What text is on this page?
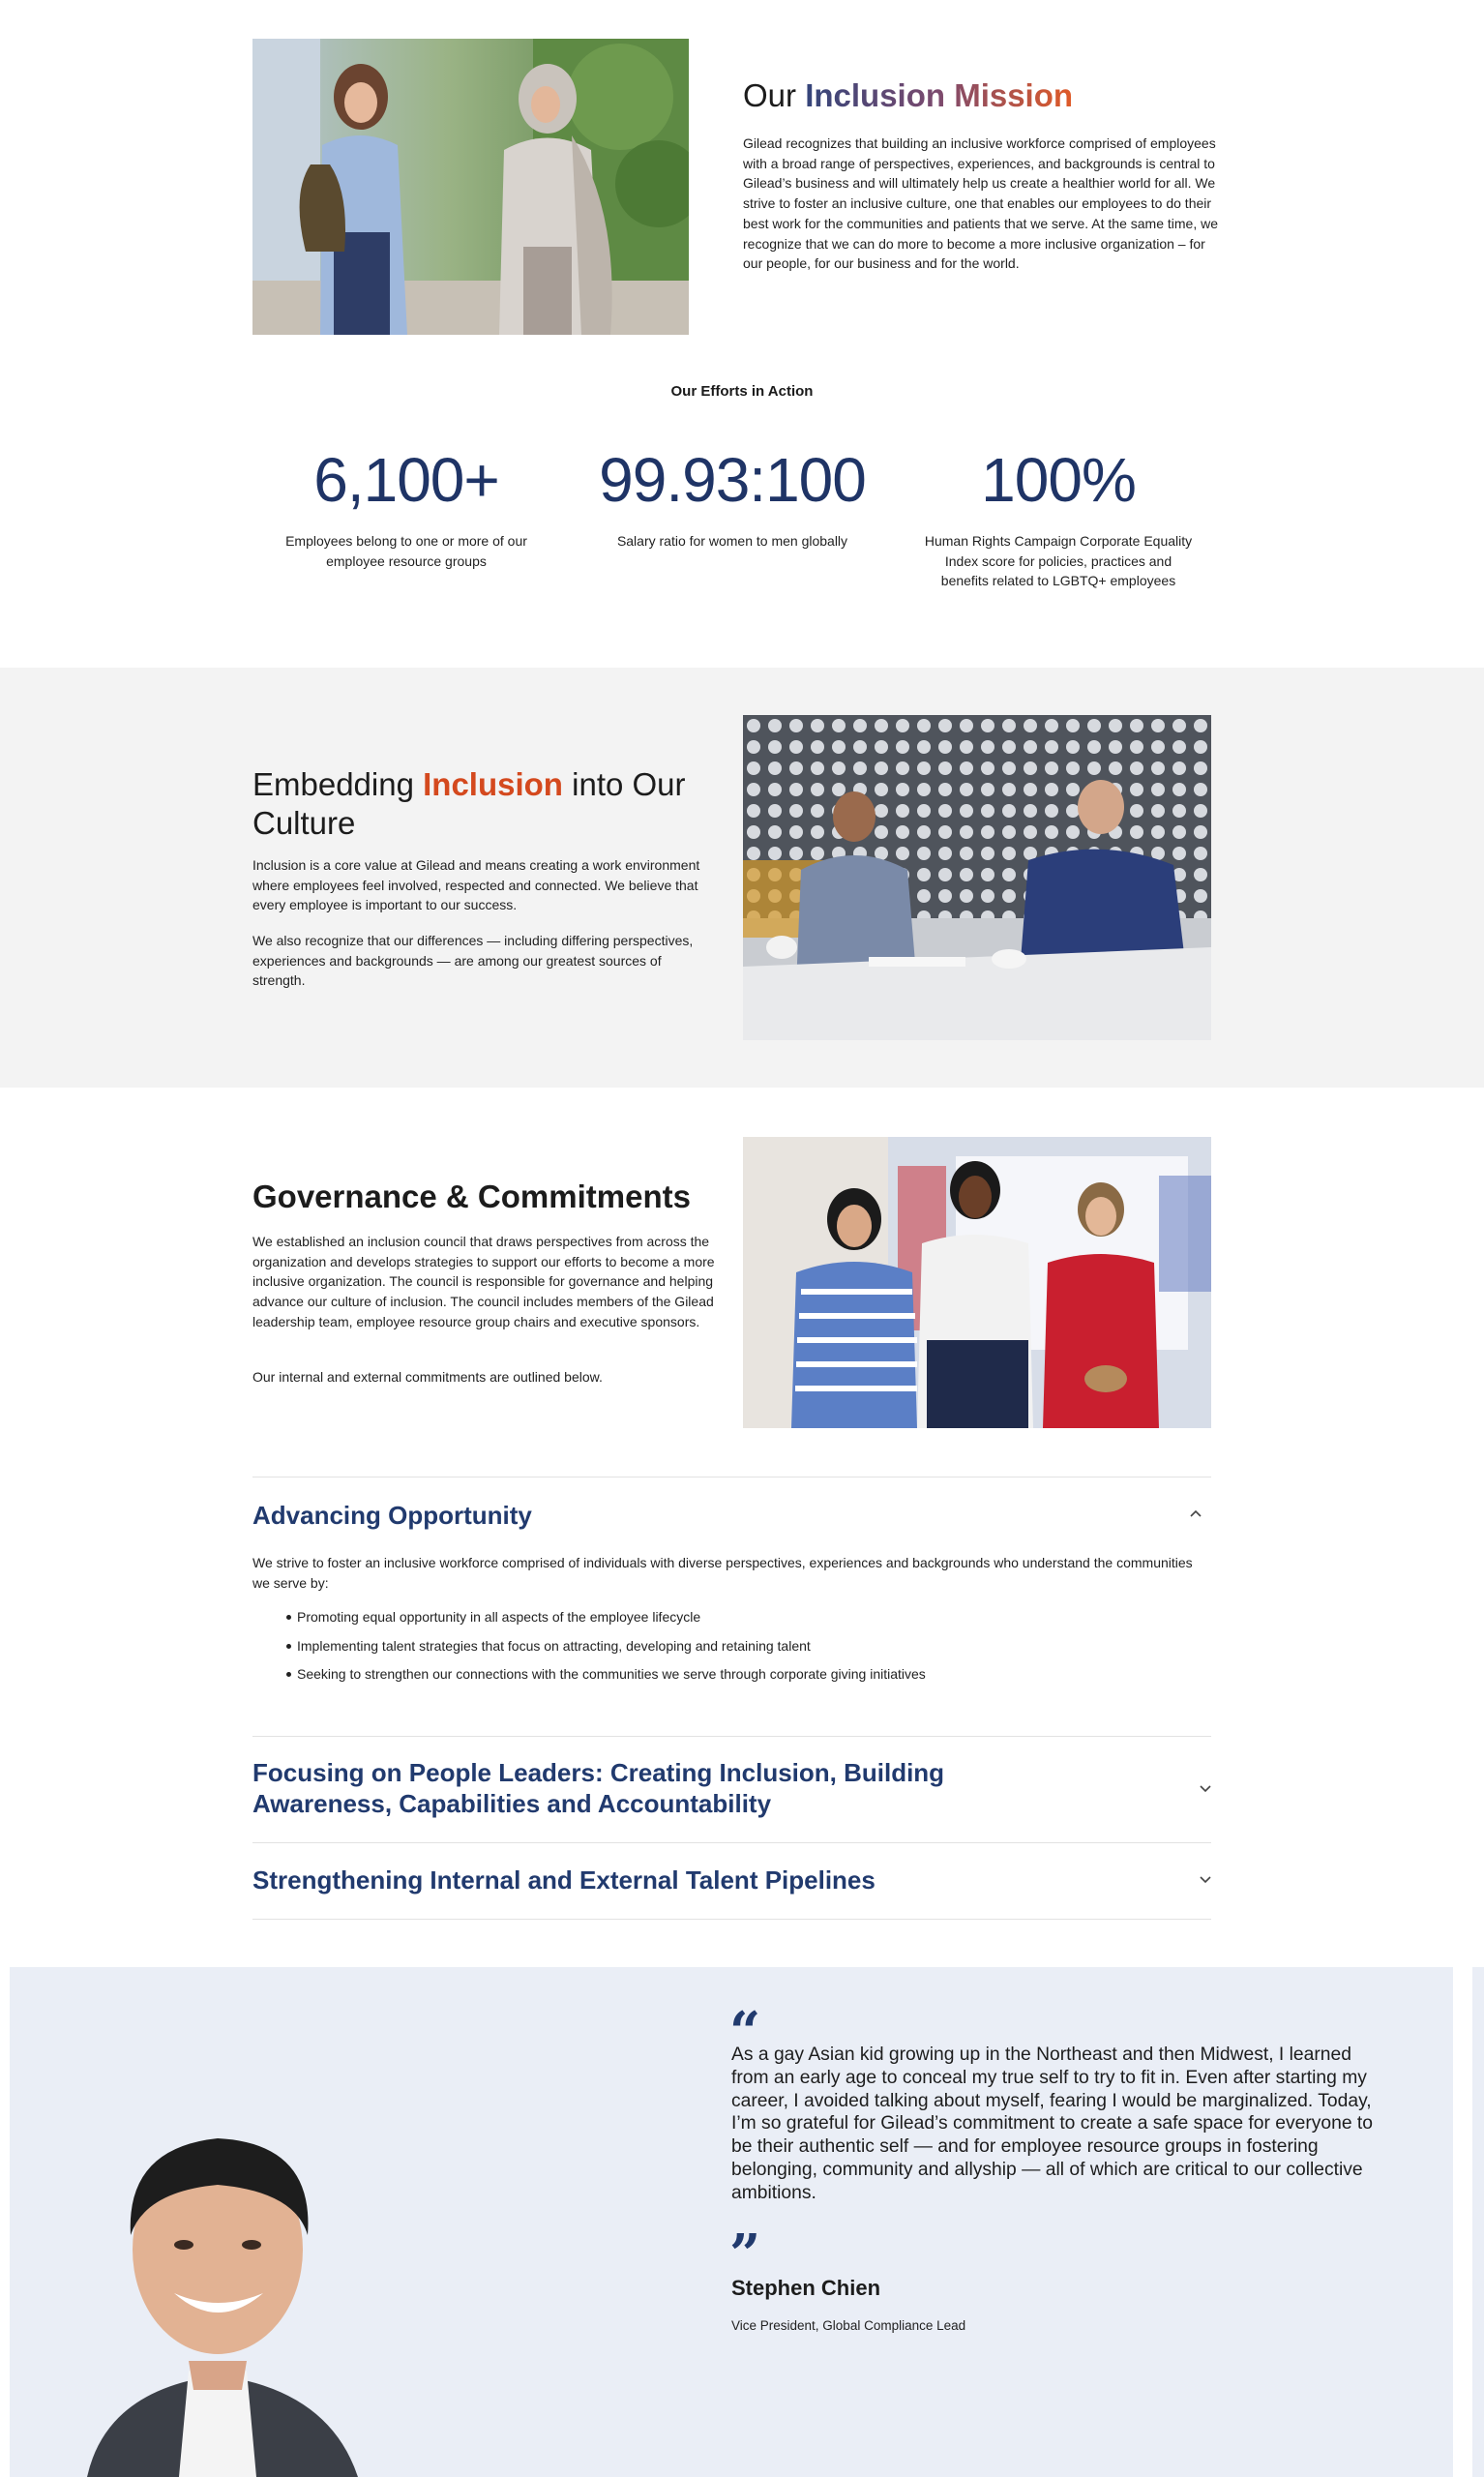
Our Inclusion Mission

Gilead recognizes that building an inclusive workforce comprised of employees with a broad range of perspectives, experiences, and backgrounds is central to Gilead’s business and will ultimately help us create a healthier world for all. We strive to foster an inclusive culture, one that enables our employees to do their best work for the communities and patients that we serve. At the same time, we recognize that we can do more to become a more inclusive organization – for our people, for our business and for the world.

Our Efforts in Action
6,100+
Employees belong to one or more of our employee resource groups
99.93:100
Salary ratio for women to men globally
100%
Human Rights Campaign Corporate Equality Index score for policies, practices and benefits related to LGBTQ+ employees
Embedding Inclusion into Our Culture

Inclusion is a core value at Gilead and means creating a work environment where employees feel involved, respected and connected. We believe that every employee is important to our success.

We also recognize that our differences — including differing perspectives, experiences and backgrounds — are among our greatest sources of strength.

Governance & Commitments

We established an inclusion council that draws perspectives from across the organization and develops strategies to support our efforts to become a more inclusive organization. The council is responsible for governance and helping advance our culture of inclusion. The council includes members of the Gilead leadership team, employee resource group chairs and executive sponsors.

Our internal and external commitments are outlined below.

Advancing Opportunity

We strive to foster an inclusive workforce comprised of individuals with diverse perspectives, experiences and backgrounds who understand the communities we serve by:

Promoting equal opportunity in all aspects of the employee lifecycle
Implementing talent strategies that focus on attracting, developing and retaining talent
Seeking to strengthen our connections with the communities we serve through corporate giving initiatives
Focusing on People Leaders: Creating Inclusion, Building Awareness, Capabilities and Accountability
Strengthening Internal and External Talent Pipelines
“

As a gay Asian kid growing up in the Northeast and then Midwest, I learned from an early age to conceal my true self to try to fit in. Even after starting my career, I avoided talking about myself, fearing I would be marginalized. Today, I’m so grateful for Gilead’s commitment to create a safe space for everyone to be their authentic self — and for employee resource groups in fostering belonging, community and allyship — all of which are critical to our collective ambitions.

”
Stephen Chien
Vice President, Global Compliance Lead
